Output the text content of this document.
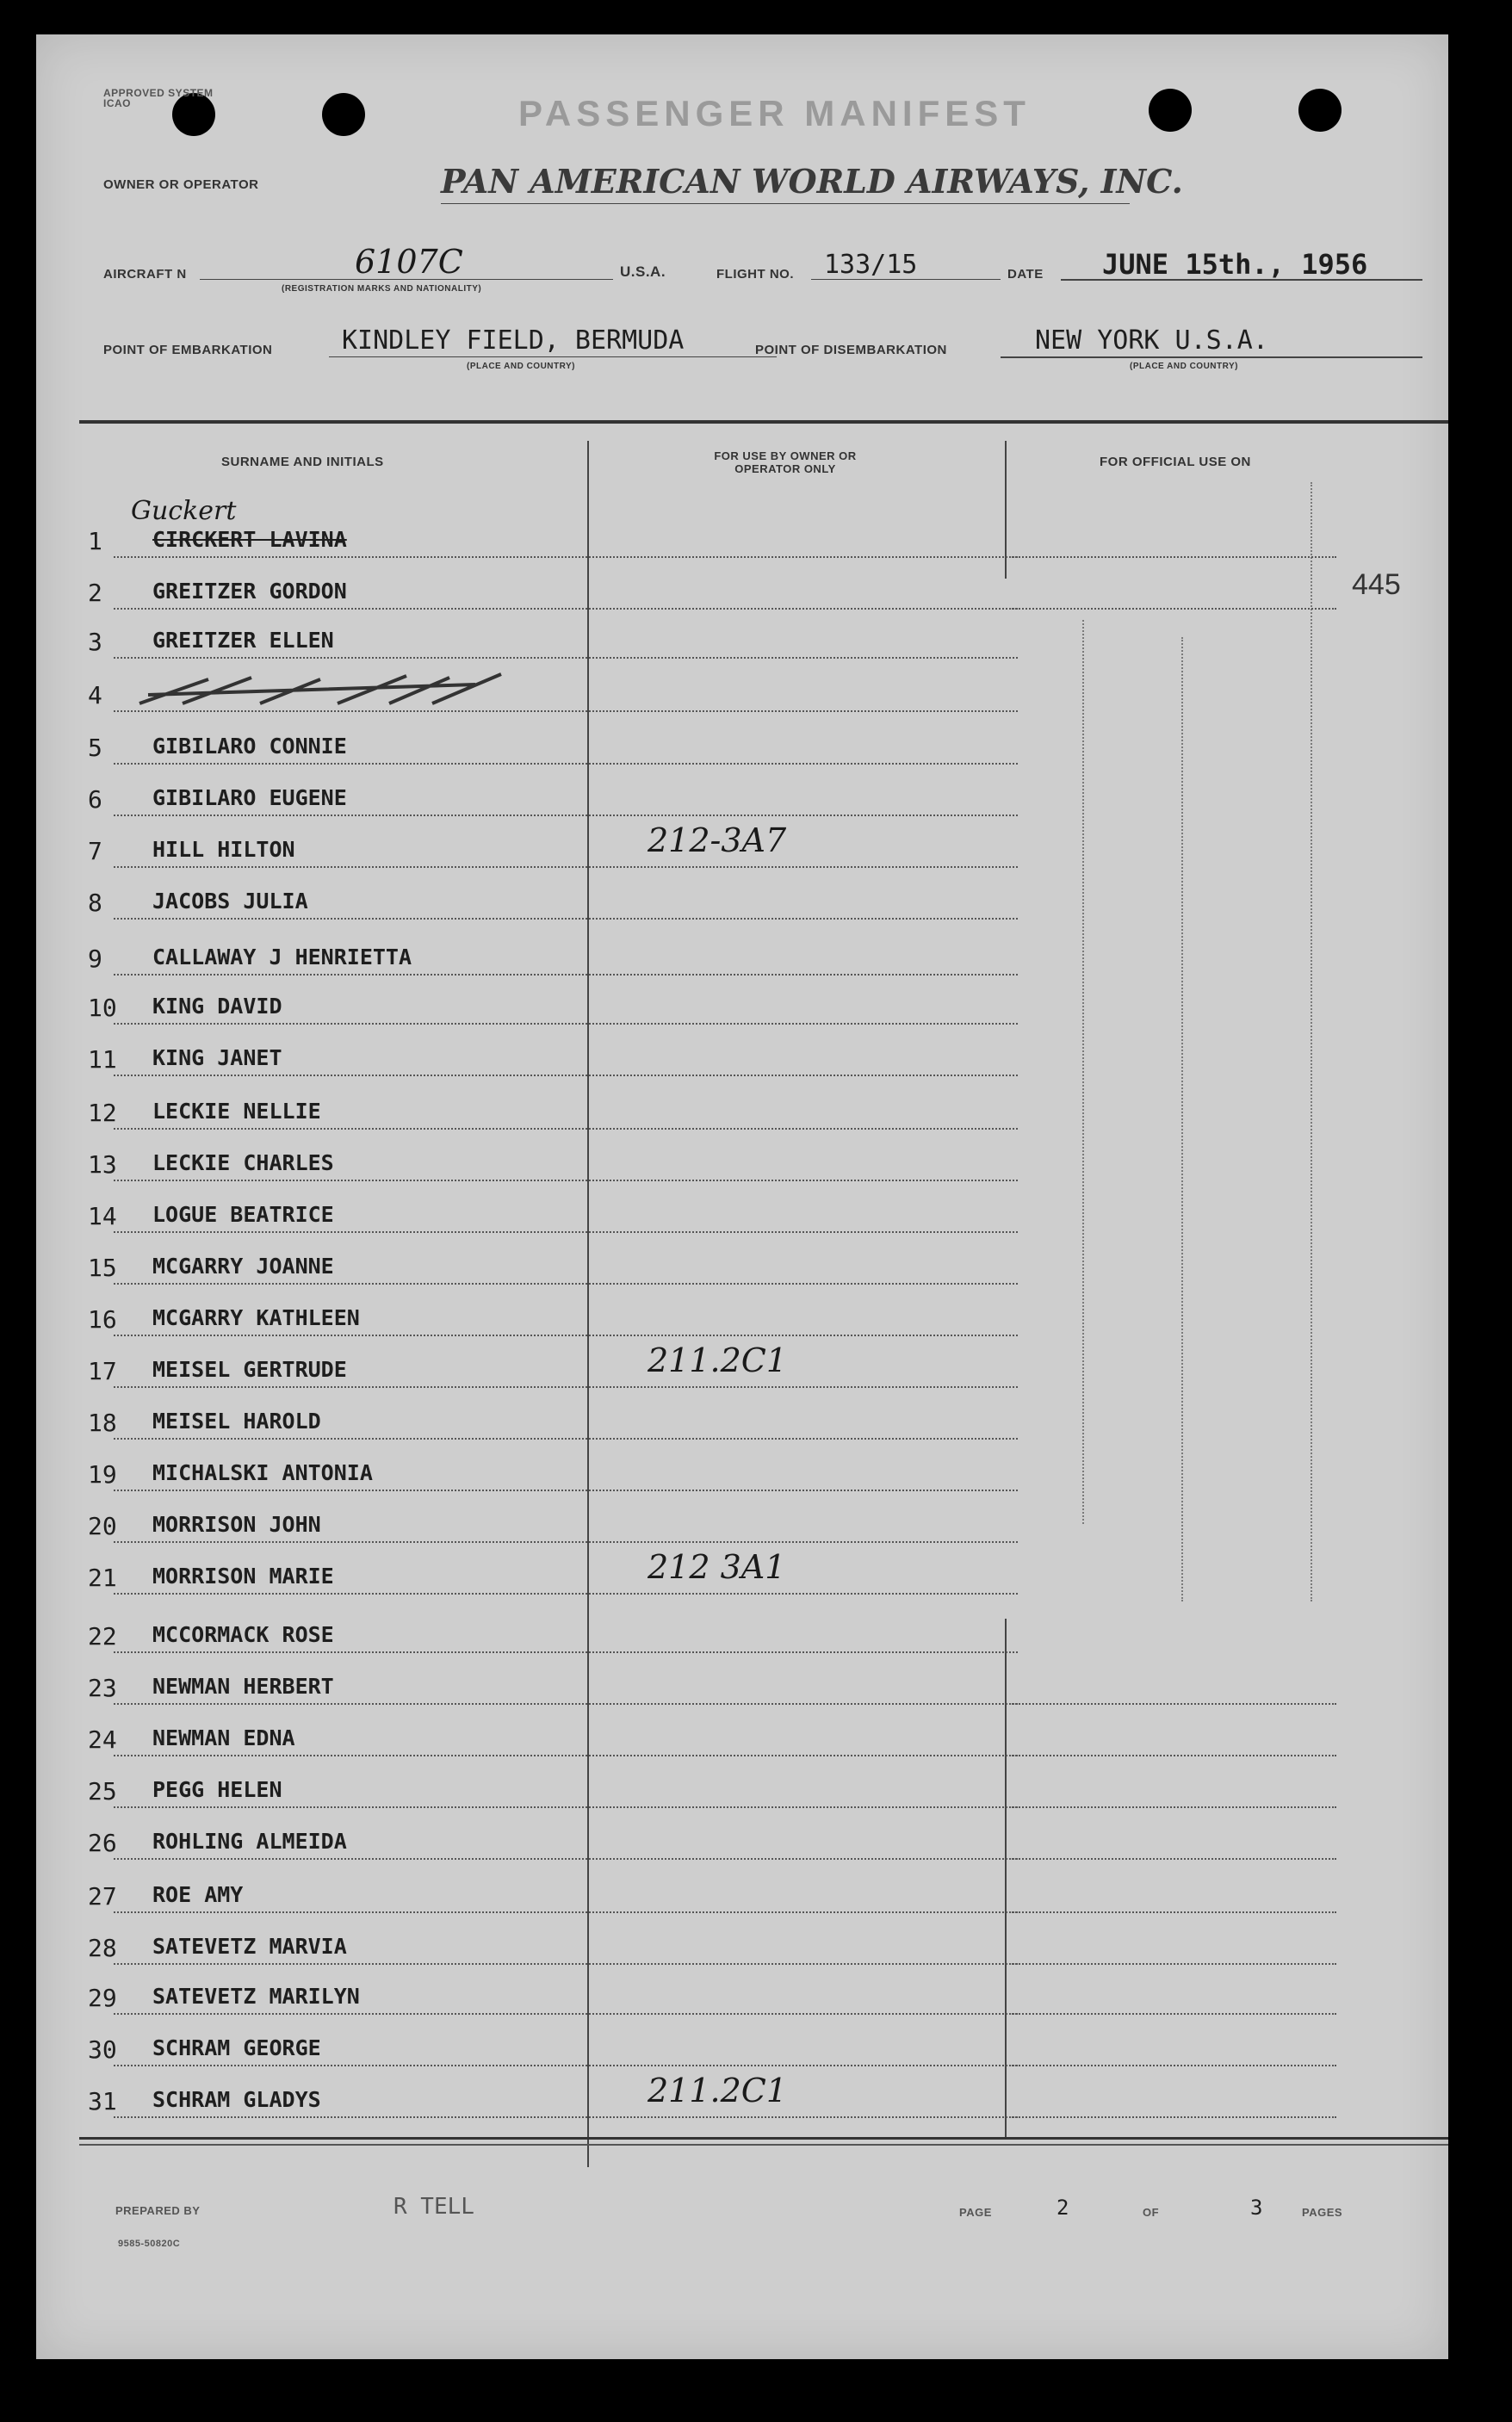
APPROVED SYSTEM ICAO	PASSENGER MANIFEST
OWNER OR OPERATOR	PAN AMERICAN WORLD AIRWAYS, INC.
AIRCRAFT N	6107C
(REGISTRATION MARKS AND NATIONALITY)
U.S.A.	FLIGHT NO. 133/15	DATE JUNE 15th., 1956
POINT OF EMBARKATION	KINDLEY FIELD, BERMUDA
(PLACE AND COUNTRY)
POINT OF DISEMBARKATION	NEW YORK U.S.A.
(PLACE AND COUNTRY)
SURNAME AND INITIALS	FOR USE BY OWNER OR OPERATOR ONLY	FOR OFFICIAL USE ON
445
1 CIRCKERT LAVINA
Guckert
2 GREITZER GORDON
3 GREITZER ELLEN
4
5 GIBILARO CONNIE
6 GIBILARO EUGENE
7 HILL HILTON	212-3A7
8 JACOBS JULIA
9 CALLAWAY J HENRIETTA
10 KING DAVID
11 KING JANET
12 LECKIE NELLIE
13 LECKIE CHARLES
14 LOGUE BEATRICE
15 MCGARRY JOANNE
16 MCGARRY KATHLEEN
17 MEISEL GERTRUDE	211.2C1
18 MEISEL HAROLD
19 MICHALSKI ANTONIA
20 MORRISON JOHN
21 MORRISON MARIE	212 3A1
22 MCCORMACK ROSE
23 NEWMAN HERBERT
24 NEWMAN EDNA
25 PEGG HELEN
26 ROHLING ALMEIDA
27 ROE AMY
28 SATEVETZ MARVIA
29 SATEVETZ MARILYN
30 SCHRAM GEORGE
31 SCHRAM GLADYS	211.2C1
PREPARED BY	R TELL	PAGE	2	OF	3	PAGES
9585-50820C
